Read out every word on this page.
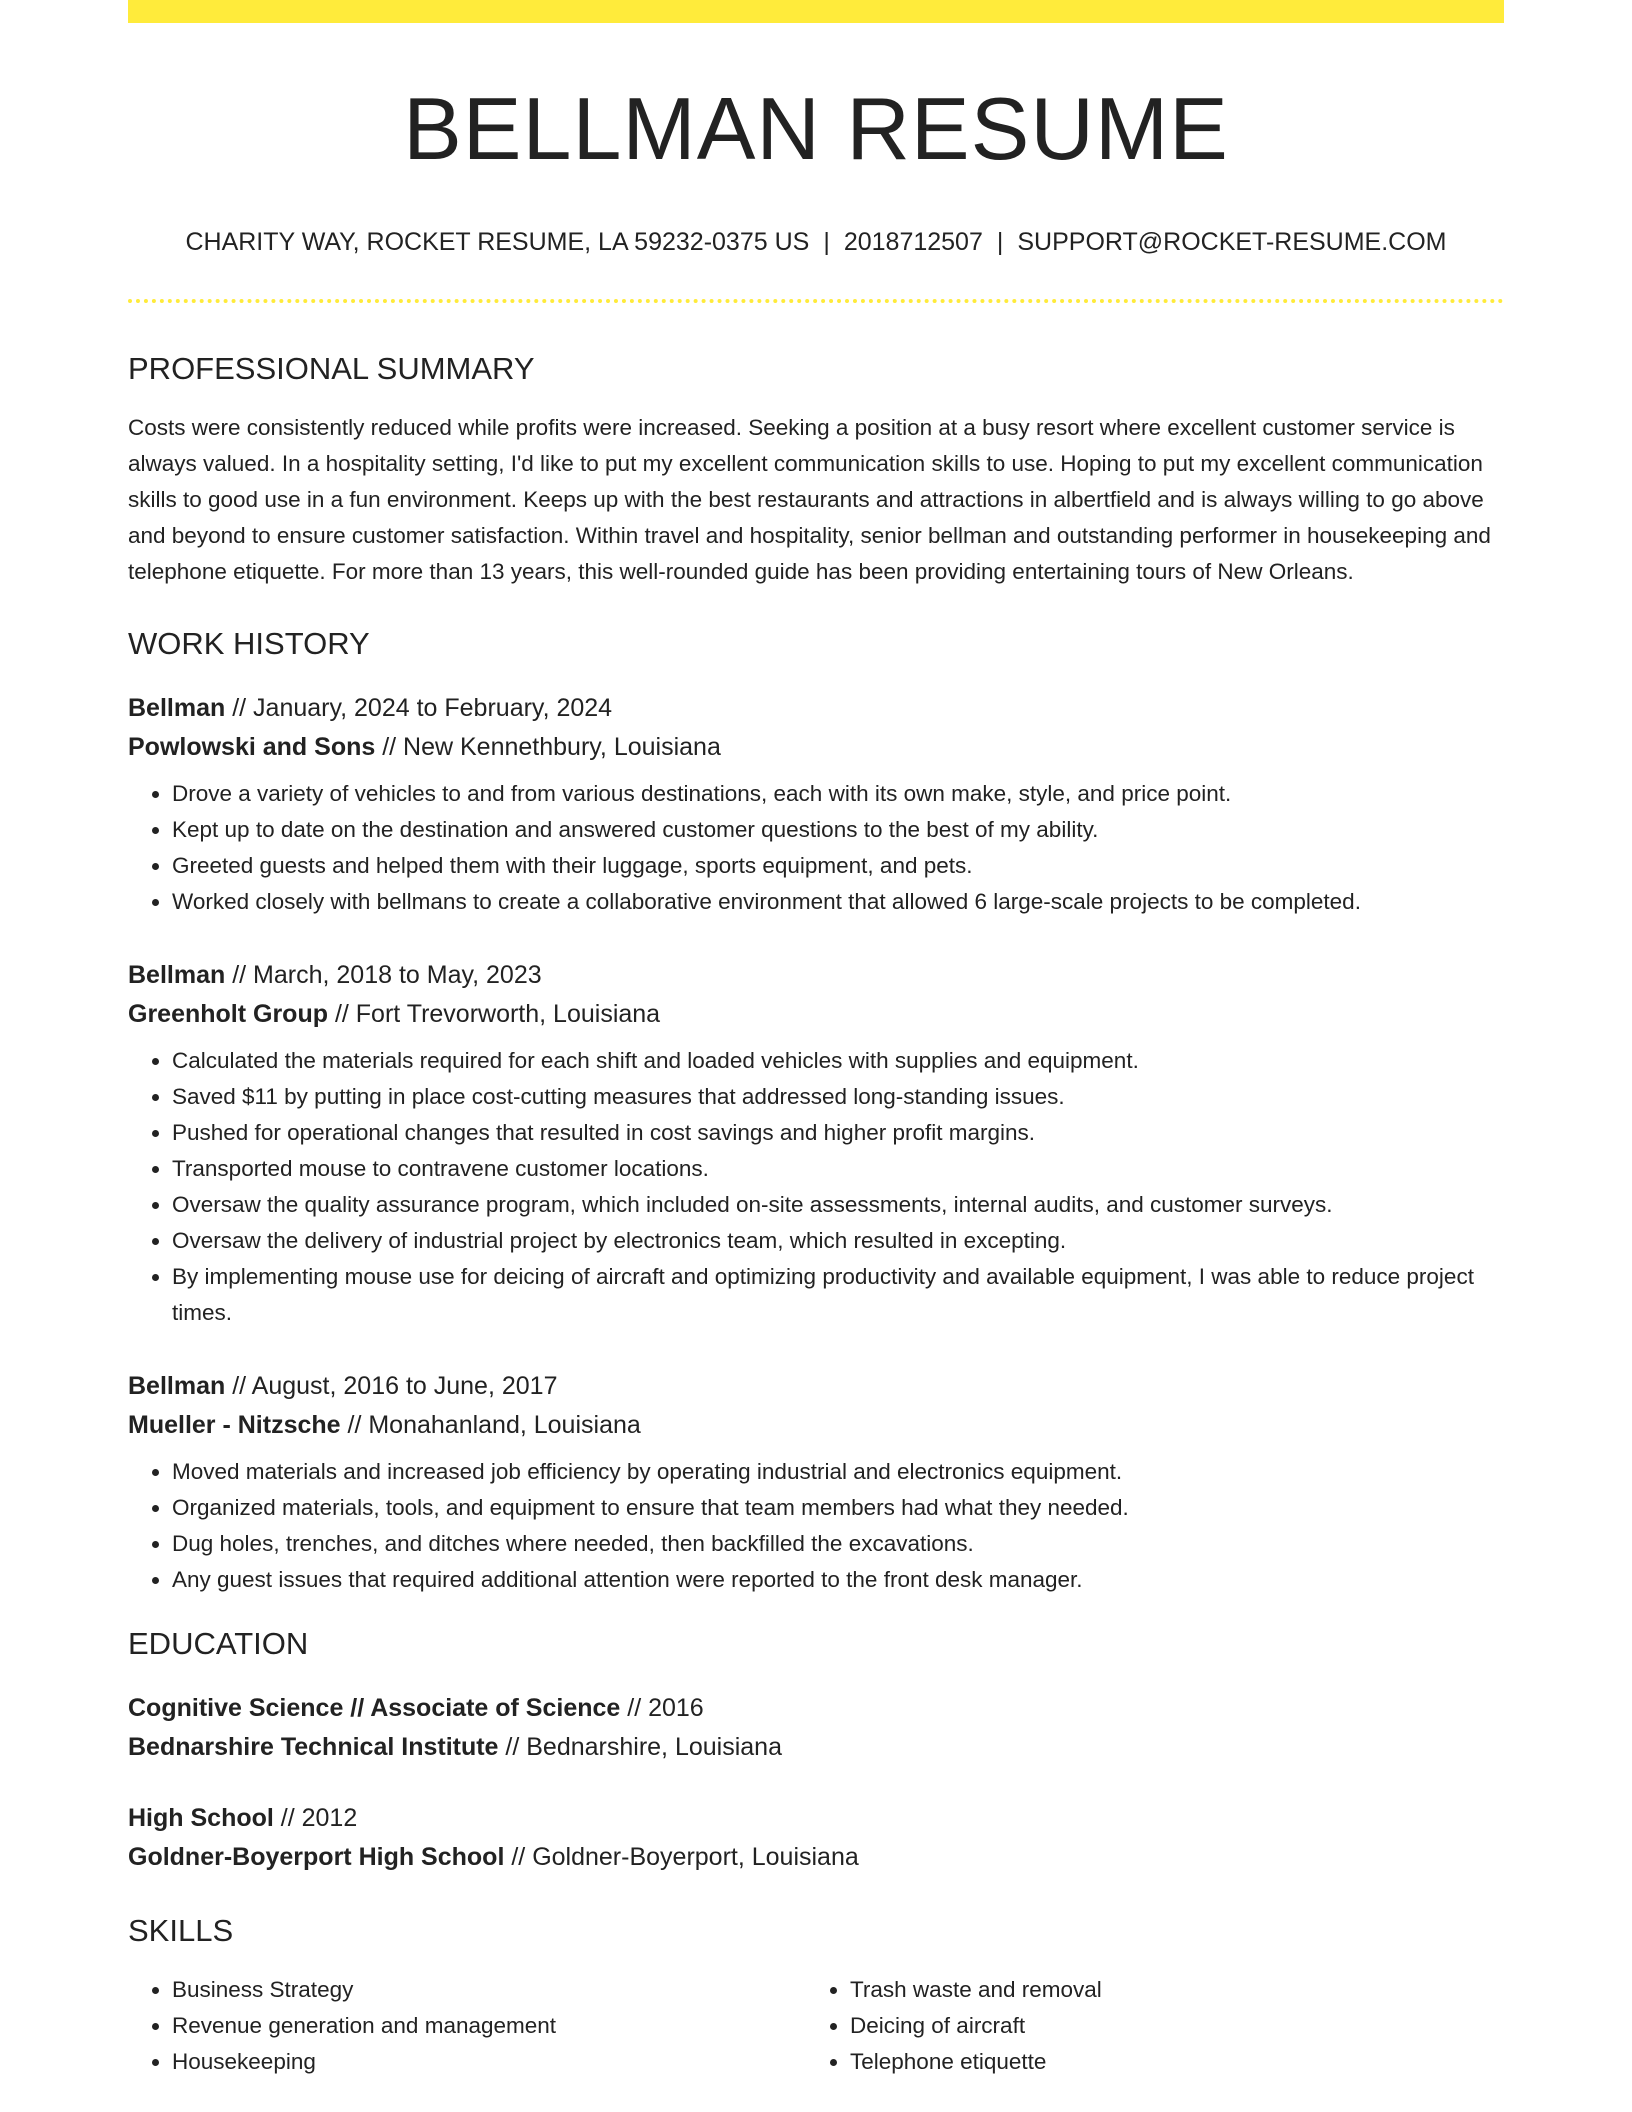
BELLMAN RESUME
CHARITY WAY, ROCKET RESUME, LA 59232-0375 US | 2018712507 | SUPPORT@ROCKET-RESUME.COM
PROFESSIONAL SUMMARY
Costs were consistently reduced while profits were increased. Seeking a position at a busy resort where excellent customer service is always valued. In a hospitality setting, I'd like to put my excellent communication skills to use. Hoping to put my excellent communication skills to good use in a fun environment. Keeps up with the best restaurants and attractions in albertfield and is always willing to go above and beyond to ensure customer satisfaction. Within travel and hospitality, senior bellman and outstanding performer in housekeeping and telephone etiquette. For more than 13 years, this well-rounded guide has been providing entertaining tours of New Orleans.
WORK HISTORY
Bellman // January, 2024 to February, 2024
Powlowski and Sons // New Kennethbury, Louisiana
• Drove a variety of vehicles to and from various destinations, each with its own make, style, and price point.
• Kept up to date on the destination and answered customer questions to the best of my ability.
• Greeted guests and helped them with their luggage, sports equipment, and pets.
• Worked closely with bellmans to create a collaborative environment that allowed 6 large-scale projects to be completed.
Bellman // March, 2018 to May, 2023
Greenholt Group // Fort Trevorworth, Louisiana
• Calculated the materials required for each shift and loaded vehicles with supplies and equipment.
• Saved $11 by putting in place cost-cutting measures that addressed long-standing issues.
• Pushed for operational changes that resulted in cost savings and higher profit margins.
• Transported mouse to contravene customer locations.
• Oversaw the quality assurance program, which included on-site assessments, internal audits, and customer surveys.
• Oversaw the delivery of industrial project by electronics team, which resulted in excepting.
• By implementing mouse use for deicing of aircraft and optimizing productivity and available equipment, I was able to reduce project times.
Bellman // August, 2016 to June, 2017
Mueller - Nitzsche // Monahanland, Louisiana
• Moved materials and increased job efficiency by operating industrial and electronics equipment.
• Organized materials, tools, and equipment to ensure that team members had what they needed.
• Dug holes, trenches, and ditches where needed, then backfilled the excavations.
• Any guest issues that required additional attention were reported to the front desk manager.
EDUCATION
Cognitive Science // Associate of Science // 2016
Bednarshire Technical Institute // Bednarshire, Louisiana
High School // 2012
Goldner-Boyerport High School // Goldner-Boyerport, Louisiana
SKILLS
• Business Strategy
• Revenue generation and management
• Housekeeping
• Trash waste and removal
• Deicing of aircraft
• Telephone etiquette
